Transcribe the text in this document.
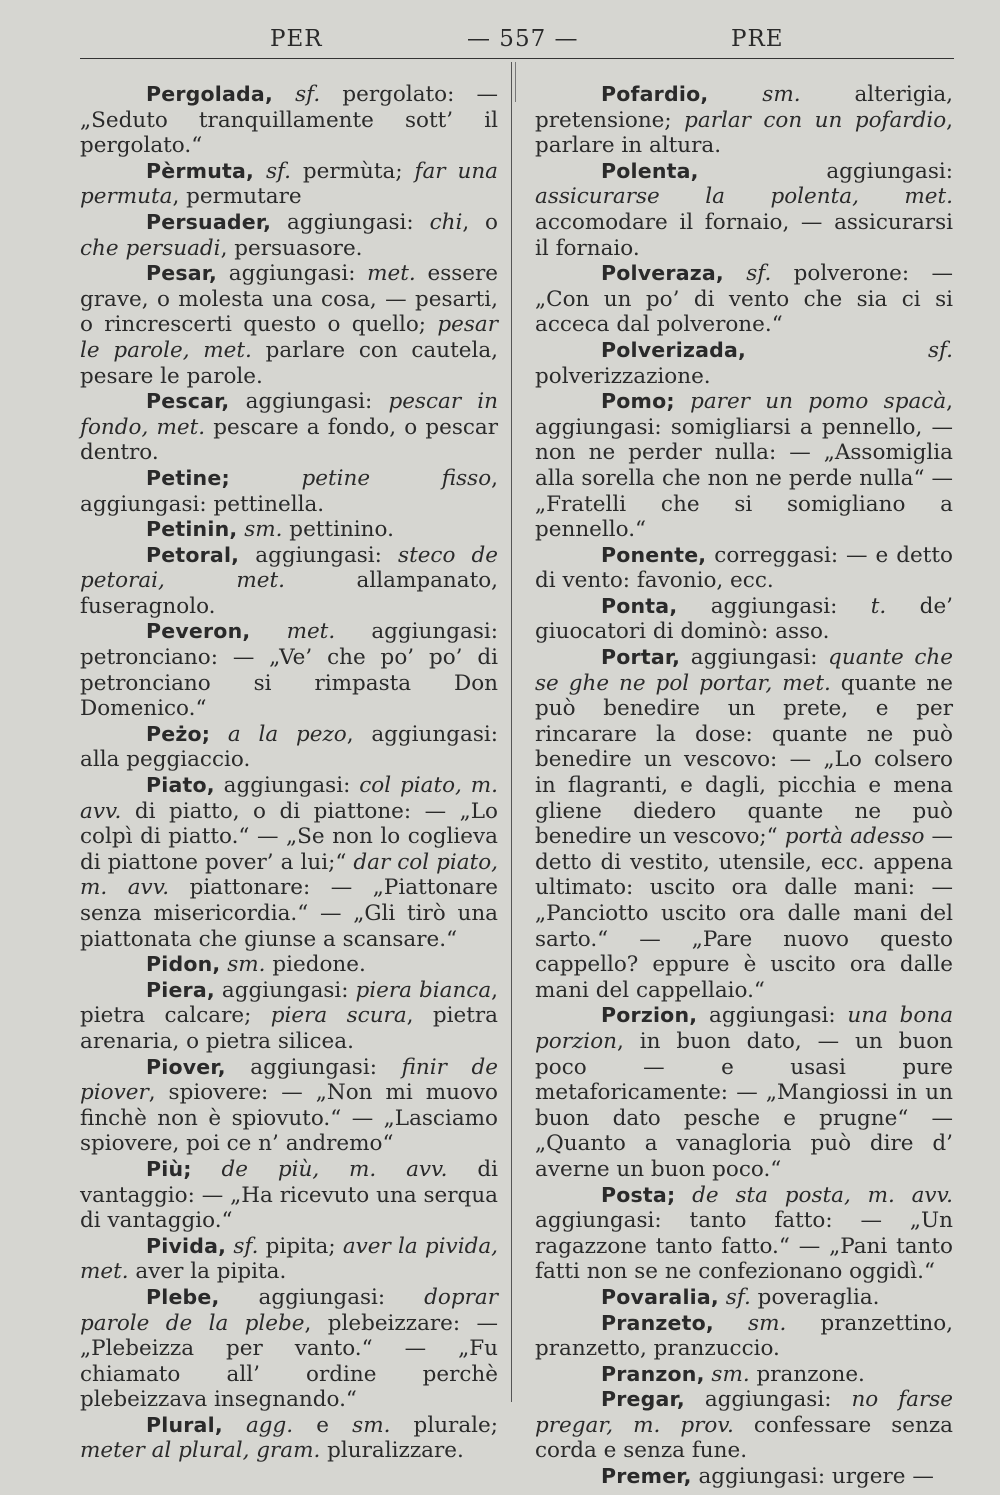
PER	— 557 —	PRE

Pergolada, sf. pergolato: — „Seduto tranquillamente sott’ il pergolato.“

Pèrmuta, sf. permùta; far una permuta, permutare

Persuader, aggiungasi: chi, o che persuadi, persuasore.

Pesar, aggiungasi: met. essere grave, o molesta una cosa, — pesarti, o rincrescerti questo o quello; pesar le parole, met. parlare con cautela, pesare le parole.

Pescar, aggiungasi: pescar in fondo, met. pescare a fondo, o pescar dentro.

Petine;	petine fisso, aggiungasi: pettinella.

Petinin, sm. pettinino.

Petoral, aggiungasi: steco de petorai, met. allampanato, fuseragnolo.

Peveron, met. aggiungasi: petronciano: — „Ve’ che po’ po’ di petronciano si rimpasta Don Domenico.“

Peżo; a la pezo, aggiungasi: alla peggiaccio.

Piato, aggiungasi: col piato, m. avv. di piatto, o di piattone: — „Lo colpì di piatto.“ — „Se non lo coglieva di piattone pover’ a lui;“ dar col piato, m. avv. piattonare: — „Piattonare senza misericordia.“ — „Gli tirò una piattonata che giunse a scansare.“

Pidon, sm. piedone.

Piera, aggiungasi: piera bianca, pietra calcare; piera scura, pietra arenaria, o pietra silicea.

Piover, aggiungasi: finir de piover, spiovere: — „Non mi muovo finchè non è spiovuto.“ — „Lasciamo spiovere, poi ce n’ andremo“

Più; de più, m. avv. di vantaggio: — „Ha ricevuto una serqua di vantaggio.“

Pivida, sf. pipita; aver la pivida, met. aver la pipita.

Plebe, aggiungasi: doprar parole de la plebe, plebeizzare: — „Plebeizza per vanto.“ — „Fu chiamato all’ ordine perchè plebeizzava insegnando.“

Plural, agg. e sm. plurale; meter al plural, gram. pluralizzare.

Pofardio,	sm. alterigia, pretensione; parlar con un pofardio, parlare in altura.

Polenta,	aggiungasi: assicurarse la polenta, met. accomodare il fornaio, — assicurarsi il fornaio.

Polveraza, sf. polverone: — „Con un po’ di vento che sia ci si acceca dal polverone.“

Polverizada,	sf. polverizzazione.

Pomo; parer un pomo spacà, aggiungasi: somigliarsi a pennello, — non ne perder nulla: — „Assomiglia alla sorella che non ne perde nulla“ — „Fratelli che si somigliano a pennello.“

Ponente, correggasi: — e detto di vento: favonio, ecc.

Ponta, aggiungasi: t. de’ giuocatori di dominò: asso.

Portar, aggiungasi: quante che se ghe ne pol portar, met. quante ne può benedire un prete, e per rincarare la dose: quante ne può benedire un vescovo: — „Lo colsero in flagranti, e dagli, picchia e mena gliene diedero quante ne può benedire un vescovo;“ portà adesso — detto di vestito, utensile, ecc. appena ultimato: uscito ora dalle mani: — „Panciotto uscito ora dalle mani del sarto.“ — „Pare nuovo questo cappello? eppure è uscito ora dalle mani del cappellaio.“

Porzion, aggiungasi: una bona porzion, in buon dato, — un buon poco — e usasi pure metaforicamente: — „Mangiossi in un buon dato pesche e prugne“ — „Quanto a vanagloria può dire d’ averne un buon poco.“

Posta; de sta posta, m. avv. aggiungasi: tanto fatto: — „Un ragazzone tanto fatto.“ — „Pani tanto fatti non se ne confezionano oggidì.“

Povaralia, sf. poveraglia.

Pranzeto, sm. pranzettino, pranzetto, pranzuccio.

Pranzon, sm. pranzone.

Pregar, aggiungasi: no farse pregar, m. prov. confessare senza corda e senza fune.

Premer, aggiungasi: urgere —
